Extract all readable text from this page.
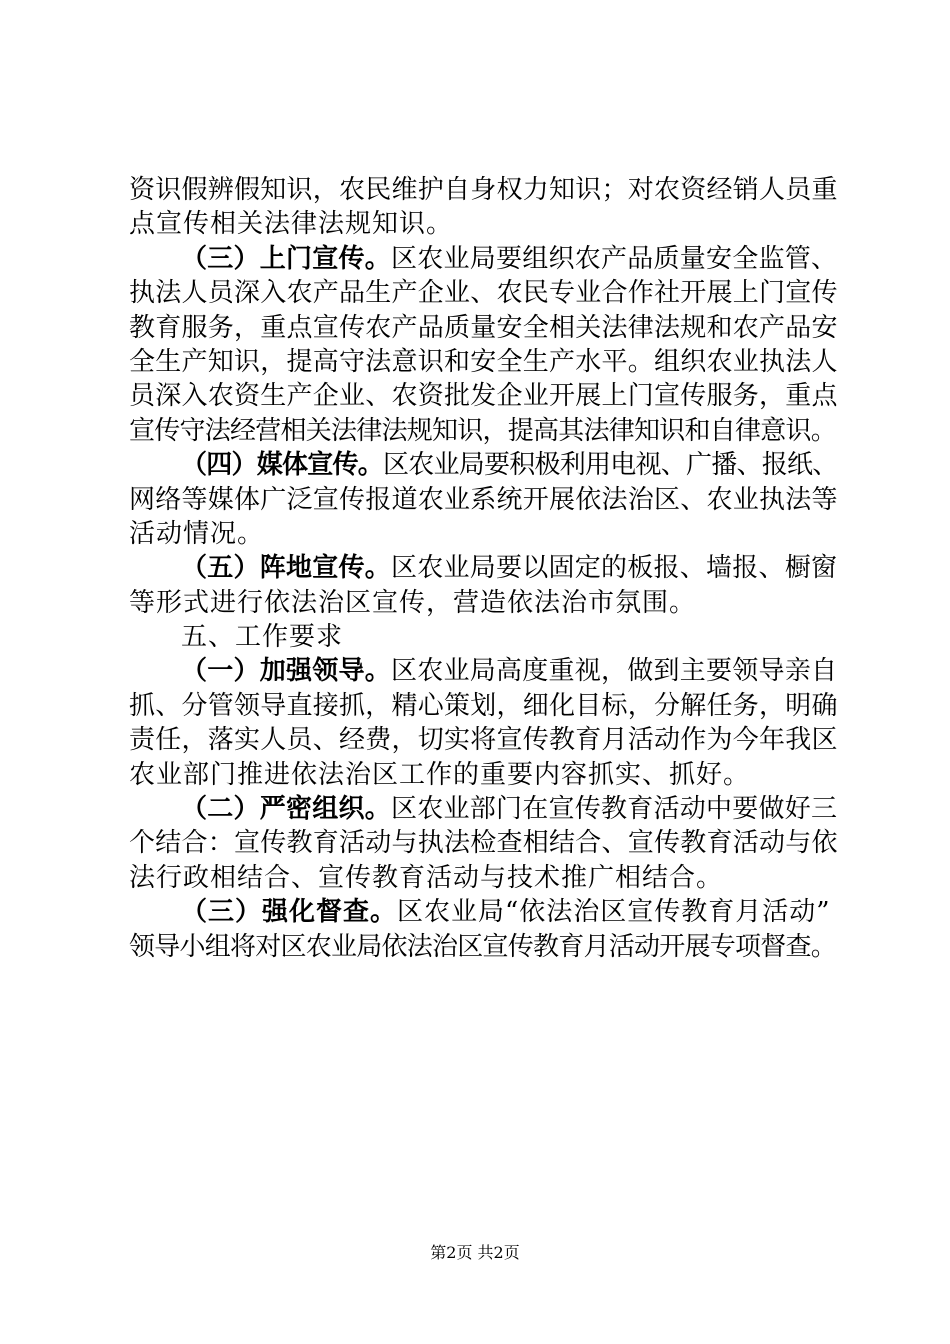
资识假辨假知识，农民维护自身权力知识；对农资经销人员重
点宣传相关法律法规知识。
（三）上门宣传。区农业局要组织农产品质量安全监管、
执法人员深入农产品生产企业、农民专业合作社开展上门宣传
教育服务，重点宣传农产品质量安全相关法律法规和农产品安
全生产知识，提高守法意识和安全生产水平。组织农业执法人
员深入农资生产企业、农资批发企业开展上门宣传服务，重点
宣传守法经营相关法律法规知识，提高其法律知识和自律意识。
（四）媒体宣传。区农业局要积极利用电视、广播、报纸、
网络等媒体广泛宣传报道农业系统开展依法治区、农业执法等
活动情况。
（五）阵地宣传。区农业局要以固定的板报、墙报、橱窗
等形式进行依法治区宣传，营造依法治市氛围。
五、工作要求
（一）加强领导。区农业局高度重视，做到主要领导亲自
抓、分管领导直接抓，精心策划，细化目标，分解任务，明确
责任，落实人员、经费，切实将宣传教育月活动作为今年我区
农业部门推进依法治区工作的重要内容抓实、抓好。
（二）严密组织。区农业部门在宣传教育活动中要做好三
个结合：宣传教育活动与执法检查相结合、宣传教育活动与依
法行政相结合、宣传教育活动与技术推广相结合。
（三）强化督查。区农业局“依法治区宣传教育月活动”
领导小组将对区农业局依法治区宣传教育月活动开展专项督查。
第2页 共2页
